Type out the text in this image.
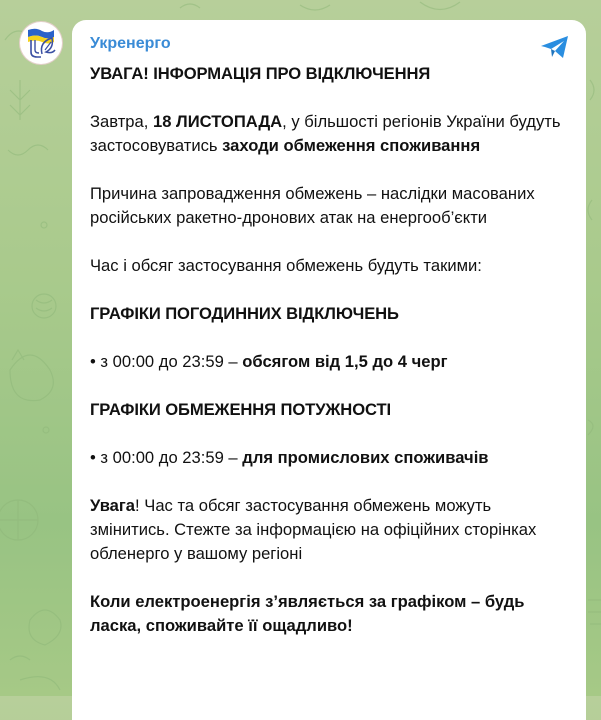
Укренерго

УВАГА! ІНФОРМАЦІЯ ПРО ВІДКЛЮЧЕННЯ

Завтра, 18 ЛИСТОПАДА, у більшості регіонів України будуть застосовуватись заходи обмеження споживання

Причина запровадження обмежень – наслідки масованих російських ракетно-дронових атак на енергооб’єкти

Час і обсяг застосування обмежень будуть такими:

ГРАФІКИ ПОГОДИННИХ ВІДКЛЮЧЕНЬ

• з 00:00 до 23:59 – обсягом від 1,5 до 4 черг

ГРАФІКИ ОБМЕЖЕННЯ ПОТУЖНОСТІ

• з 00:00 до 23:59 – для промислових споживачів

Увага! Час та обсяг застосування обмежень можуть змінитись. Стежте за інформацією на офіційних сторінках обленерго у вашому регіоні

Коли електроенергія з’являється за графіком – будь ласка, споживайте її ощадливо!
